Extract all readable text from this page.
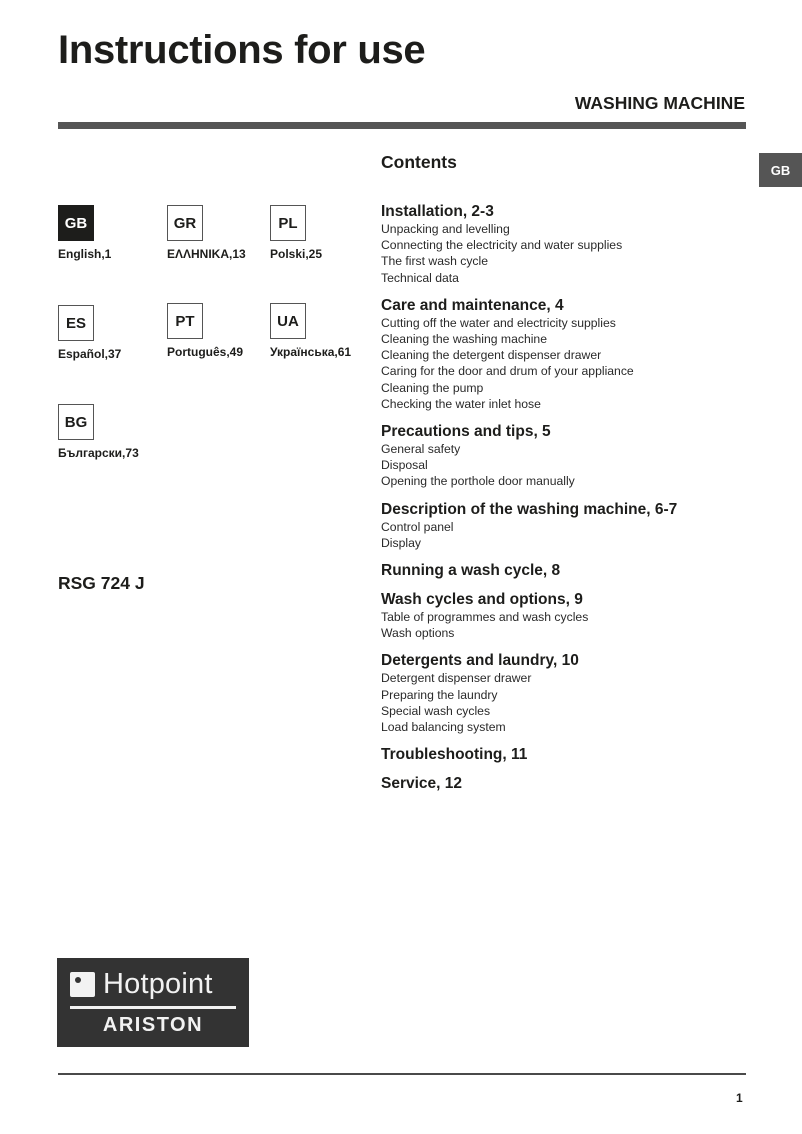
Instructions for use
WASHING MACHINE
GB
Contents
GB
English,1
GR
ΕΛΛΗΝΙΚΑ,13
PL
Polski,25
ES
Español,37
PT
Português,49
UA
Українська,61
BG
Български,73
RSG 724 J
Installation, 2-3
Unpacking and levelling
Connecting the electricity and water supplies
The first wash cycle
Technical data
Care and maintenance, 4
Cutting off the water and electricity supplies
Cleaning the washing machine
Cleaning the detergent dispenser drawer
Caring for the door and drum of your appliance
Cleaning the pump
Checking the water inlet hose
Precautions and tips, 5
General safety
Disposal
Opening the porthole door manually
Description of the washing machine, 6-7
Control panel
Display
Running a wash cycle, 8
Wash cycles and options, 9
Table of programmes and wash cycles
Wash options
Detergents and laundry, 10
Detergent dispenser drawer
Preparing the laundry
Special wash cycles
Load balancing system
Troubleshooting, 11
Service, 12
Hotpoint
ARISTON
1
